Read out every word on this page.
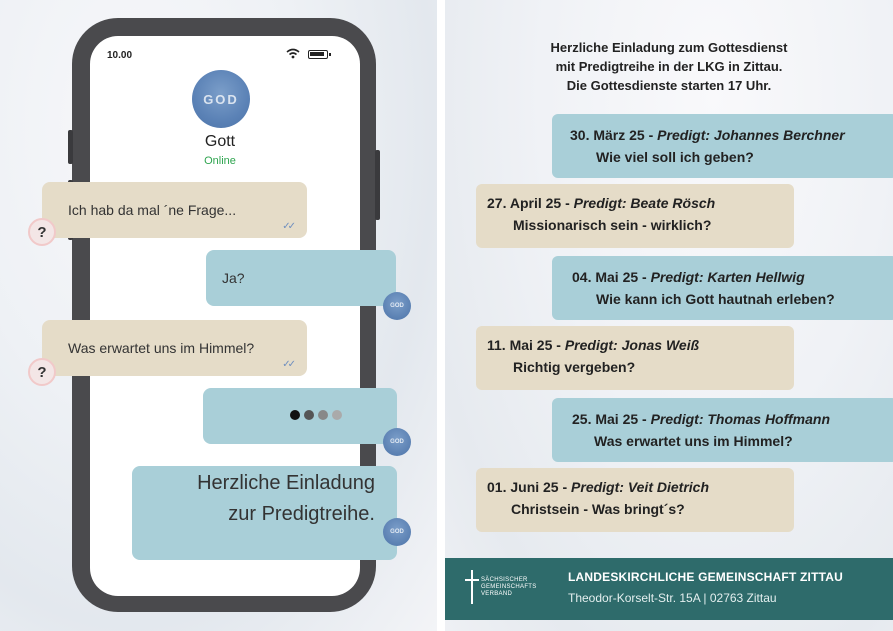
10.00
GOD
Gott
Online
Ich hab da mal ´ne Frage...
✓✓
?
Ja?
GOD
Was erwartet uns im Himmel?
✓✓
?
GOD
Herzliche Einladung
zur Predigtreihe.
GOD
Herzliche Einladung zum Gottesdienst
mit Predigtreihe in der LKG in Zittau.
Die Gottesdienste starten 17 Uhr.
30. März 25 - Predigt: Johannes Berchner
Wie viel soll ich geben?
27. April 25 - Predigt: Beate Rösch
Missionarisch sein - wirklich?
04. Mai 25 - Predigt: Karten Hellwig
Wie kann ich Gott hautnah erleben?
11. Mai 25 - Predigt: Jonas Weiß
Richtig vergeben?
25. Mai 25 - Predigt: Thomas Hoffmann
Was erwartet uns im Himmel?
01. Juni 25 - Predigt: Veit Dietrich
Christsein - Was bringt´s?
SÄCHSISCHER
GEMEINSCHAFTS
VERBAND
LANDESKIRCHLICHE GEMEINSCHAFT ZITTAU
Theodor-Korselt-Str. 15A | 02763 Zittau
